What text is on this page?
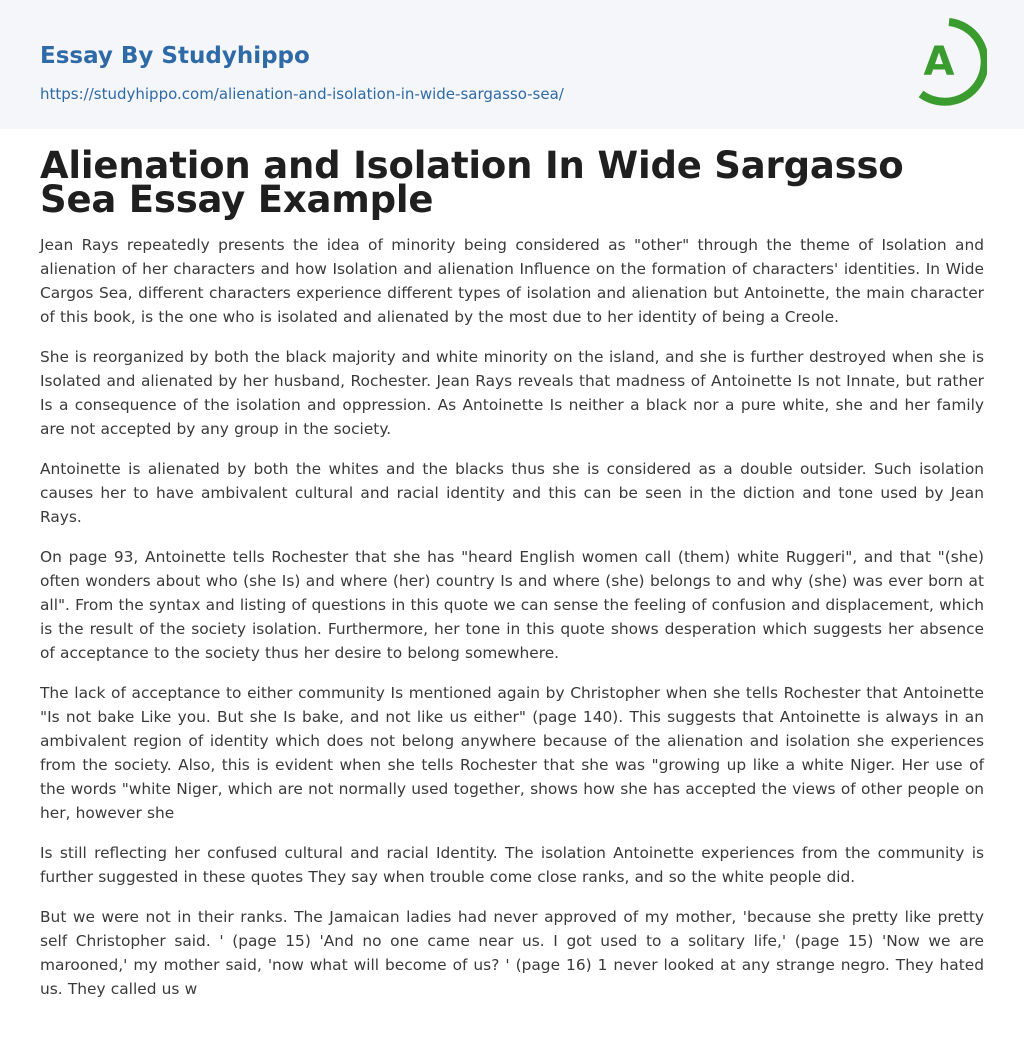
Essay By Studyhippo
https://studyhippo.com/alienation-and-isolation-in-wide-sargasso-sea/
A
Alienation and Isolation In Wide Sargasso Sea Essay Example

Jean Rays repeatedly presents the idea of minority being considered as "other" through the theme of Isolation and alienation of her characters and how Isolation and alienation Influence on the formation of characters' identities. In Wide Cargos Sea, different characters experience different types of isolation and alienation but Antoinette, the main character of this book, is the one who is isolated and alienated by the most due to her identity of being a Creole.

She is reorganized by both the black majority and white minority on the island, and she is further destroyed when she is Isolated and alienated by her husband, Rochester. Jean Rays reveals that madness of Antoinette Is not Innate, but rather Is a consequence of the isolation and oppression. As Antoinette Is neither a black nor a pure white, she and her family are not accepted by any group in the society.

Antoinette is alienated by both the whites and the blacks thus she is considered as a double outsider. Such isolation causes her to have ambivalent cultural and racial identity and this can be seen in the diction and tone used by Jean Rays.

On page 93, Antoinette tells Rochester that she has "heard English women call (them) white Ruggeri", and that "(she) often wonders about who (she Is) and where (her) country Is and where (she) belongs to and why (she) was ever born at all". From the syntax and listing of questions in this quote we can sense the feeling of confusion and displacement, which is the result of the society isolation. Furthermore, her tone in this quote shows desperation which suggests her absence of acceptance to the society thus her desire to belong somewhere.

The lack of acceptance to either community Is mentioned again by Christopher when she tells Rochester that Antoinette "Is not bake Like you. But she Is bake, and not like us either" (page 140). This suggests that Antoinette is always in an ambivalent region of identity which does not belong anywhere because of the alienation and isolation she experiences from the society. Also, this is evident when she tells Rochester that she was "growing up like a white Niger. Her use of the words "white Niger, which are not normally used together, shows how she has accepted the views of other people on her, however she

Is still reflecting her confused cultural and racial Identity. The isolation Antoinette experiences from the community is further suggested in these quotes They say when trouble come close ranks, and so the white people did.

But we were not in their ranks. The Jamaican ladies had never approved of my mother, 'because she pretty like pretty self Christopher said. ' (page 15) 'And no one came near us. I got used to a solitary life,' (page 15) 'Now we are marooned,' my mother said, 'now what will become of us? ' (page 16) 1 never looked at any strange negro. They hated us. They called us w
